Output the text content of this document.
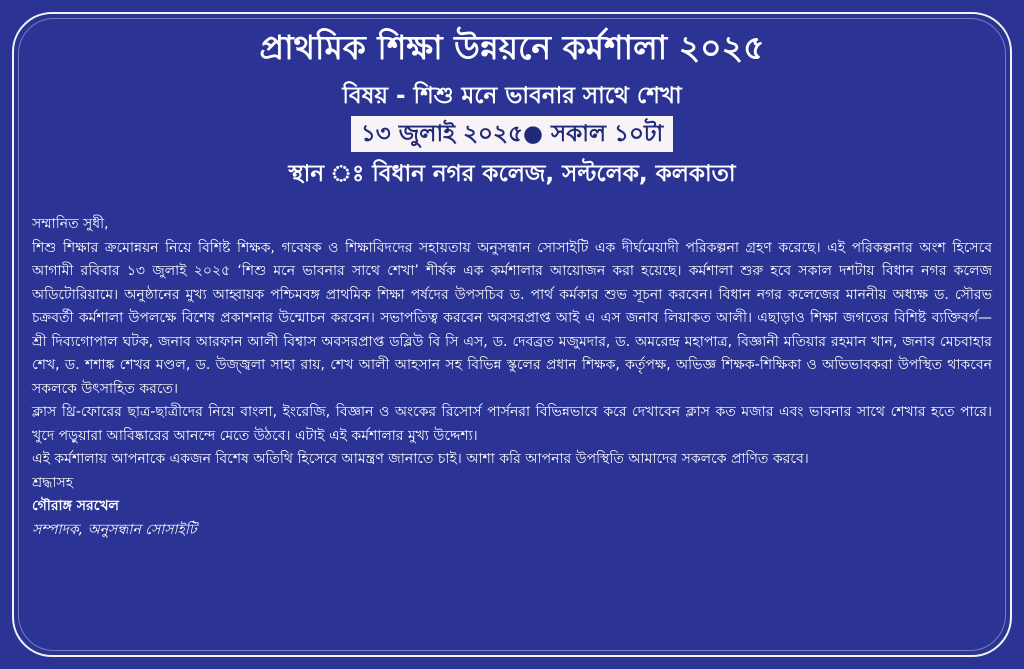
প্রাথমিক শিক্ষা উন্নয়নে কর্মশালা ২০২৫
বিষয় - শিশু মনে ভাবনার সাথে শেখা
১৩ জুলাই ২০২৫● সকাল ১০টা
স্থান ঃ বিধান নগর কলেজ, সল্টলেক, কলকাতা

সম্মানিত সুধী,

শিশু শিক্ষার ক্রমোন্নয়ন নিয়ে বিশিষ্ট শিক্ষক, গবেষক ও শিক্ষাবিদদের সহায়তায় অনুসন্ধান সোসাইটি এক দীর্ঘমেয়াদী পরিকল্পনা গ্রহণ করেছে। এই পরিকল্পনার অংশ হিসেবে আগামী রবিবার ১৩ জুলাই ২০২৫ ‘শিশু মনে ভাবনার সাথে শেখা’ শীর্ষক এক কর্মশালার আয়োজন করা হয়েছে। কর্মশালা শুরু হবে সকাল দশটায় বিধান নগর কলেজ অডিটোরিয়ামে। অনুষ্ঠানের মুখ্য আহ্বায়ক পশ্চিমবঙ্গ প্রাথমিক শিক্ষা পর্ষদের উপসচিব ড. পার্থ কর্মকার শুভ সূচনা করবেন। বিধান নগর কলেজের মাননীয় অধ্যক্ষ ড. সৌরভ চক্রবর্তী কর্মশালা উপলক্ষে বিশেষ প্রকাশনার উন্মোচন করবেন। সভাপতিত্ব করবেন অবসরপ্রাপ্ত আই এ এস জনাব লিয়াকত আলী। এছাড়াও শিক্ষা জগতের বিশিষ্ট ব্যক্তিবর্গ— শ্রী দিব্যগোপাল ঘটক, জনাব আরফান আলী বিশ্বাস অবসরপ্রাপ্ত ডব্লিউ বি সি এস, ড. দেবব্রত মজুমদার, ড. অমরেন্দ্র মহাপাত্র, বিজ্ঞানী মতিয়ার রহমান খান, জনাব মেচবাহার শেখ, ড. শশাঙ্ক শেখর মণ্ডল, ড. উজ্জ্বলা সাহা রায়, শেখ আলী আহসান সহ বিভিন্ন স্কুলের প্রধান শিক্ষক, কর্তৃপক্ষ, অভিজ্ঞ শিক্ষক-শিক্ষিকা ও অভিভাবকরা উপস্থিত থাকবেন সকলকে উৎসাহিত করতে।

ক্লাস থ্রি-ফোরের ছাত্র-ছাত্রীদের নিয়ে বাংলা, ইংরেজি, বিজ্ঞান ও অংকের রিসোর্স পার্সনরা বিভিন্নভাবে করে দেখাবেন ক্লাস কত মজার এবং ভাবনার সাথে শেখার হতে পারে। খুদে পড়ুয়ারা আবিষ্কারের আনন্দে মেতে উঠবে। এটাই এই কর্মশালার মুখ্য উদ্দেশ্য।

এই কর্মশালায় আপনাকে একজন বিশেষ অতিথি হিসেবে আমন্ত্রণ জানাতে চাই। আশা করি আপনার উপস্থিতি আমাদের সকলকে প্রাণিত করবে।

শ্রদ্ধাসহ

গৌরাঙ্গ সরখেল

সম্পাদক, অনুসন্ধান সোসাইটি
